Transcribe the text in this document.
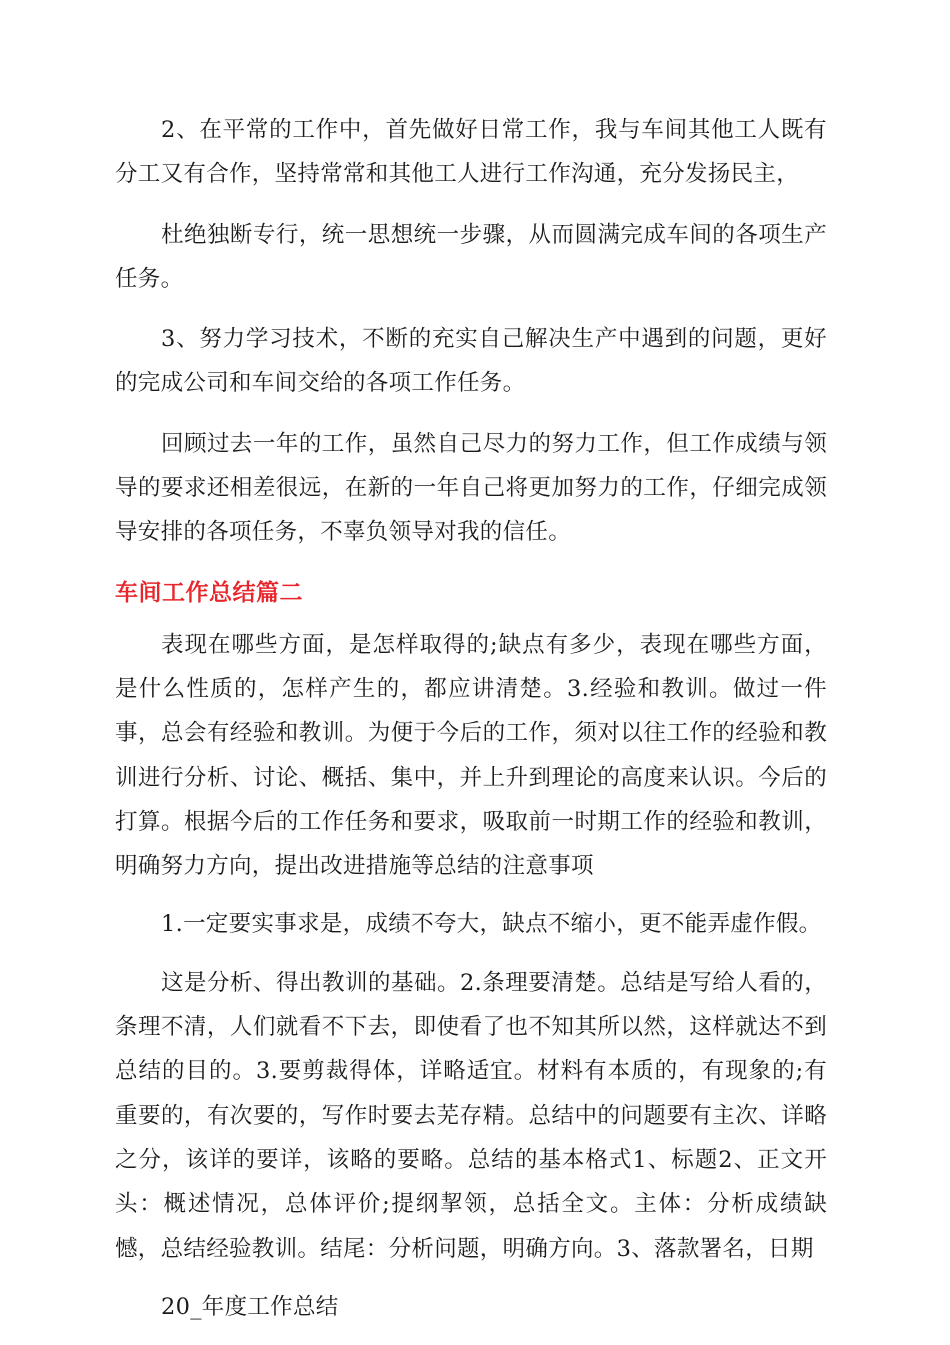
2、在平常的工作中，首先做好日常工作，我与车间其他工人既有分工又有合作，坚持常常和其他工人进行工作沟通，充分发扬民主，

杜绝独断专行，统一思想统一步骤，从而圆满完成车间的各项生产任务。

3、努力学习技术，不断的充实自己解决生产中遇到的问题，更好的完成公司和车间交给的各项工作任务。

回顾过去一年的工作，虽然自己尽力的努力工作，但工作成绩与领导的要求还相差很远，在新的一年自己将更加努力的工作，仔细完成领导安排的各项任务，不辜负领导对我的信任。

车间工作总结篇二

表现在哪些方面，是怎样取得的;缺点有多少，表现在哪些方面，是什么性质的，怎样产生的，都应讲清楚。3.经验和教训。做过一件事，总会有经验和教训。为便于今后的工作，须对以往工作的经验和教训进行分析、讨论、概括、集中，并上升到理论的高度来认识。今后的打算。根据今后的工作任务和要求，吸取前一时期工作的经验和教训，明确努力方向，提出改进措施等总结的注意事项

1.一定要实事求是，成绩不夸大，缺点不缩小，更不能弄虚作假。

这是分析、得出教训的基础。2.条理要清楚。总结是写给人看的，条理不清，人们就看不下去，即使看了也不知其所以然，这样就达不到总结的目的。3.要剪裁得体，详略适宜。材料有本质的，有现象的;有重要的，有次要的，写作时要去芜存精。总结中的问题要有主次、详略之分，该详的要详，该略的要略。总结的基本格式1、标题2、正文开头：概述情况，总体评价;提纲挈领，总括全文。主体：分析成绩缺憾，总结经验教训。结尾：分析问题，明确方向。3、落款署名，日期

20_年度工作总结
